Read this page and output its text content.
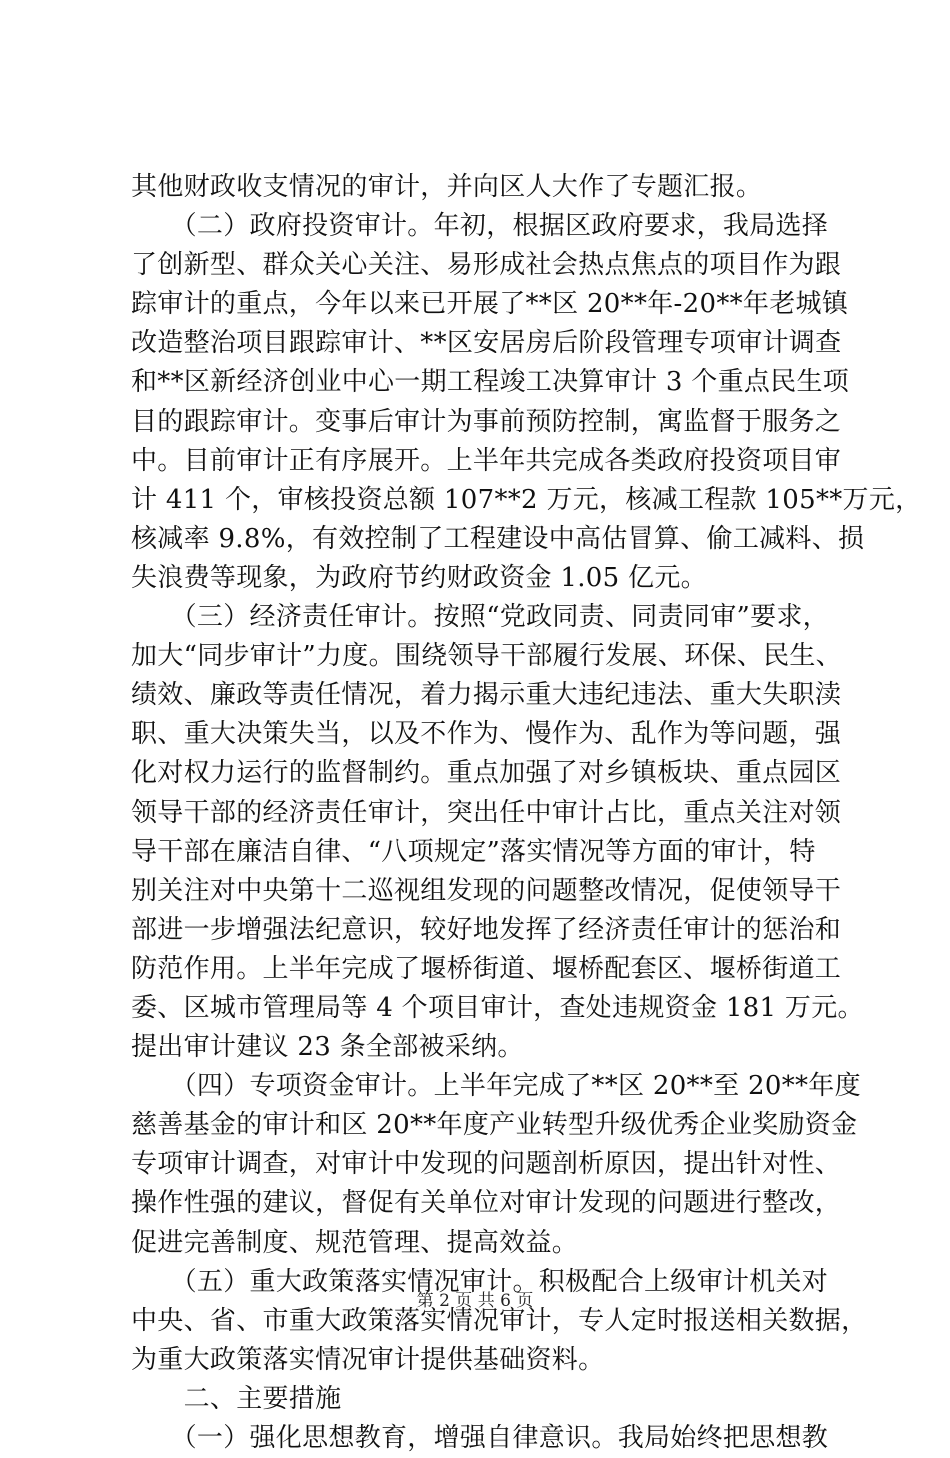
其他财政收支情况的审计，并向区人大作了专题汇报。
　　（二）政府投资审计。年初，根据区政府要求，我局选择
了创新型、群众关心关注、易形成社会热点焦点的项目作为跟
踪审计的重点，今年以来已开展了**区 20**年-20**年老城镇
改造整治项目跟踪审计、**区安居房后阶段管理专项审计调查
和**区新经济创业中心一期工程竣工决算审计 3 个重点民生项
目的跟踪审计。变事后审计为事前预防控制，寓监督于服务之
中。目前审计正有序展开。上半年共完成各类政府投资项目审
计 411 个，审核投资总额 107**2 万元，核减工程款 105**万元，
核减率 9.8%，有效控制了工程建设中高估冒算、偷工减料、损
失浪费等现象，为政府节约财政资金 1.05 亿元。
　　（三）经济责任审计。按照“党政同责、同责同审”要求，
加大“同步审计”力度。围绕领导干部履行发展、环保、民生、
绩效、廉政等责任情况，着力揭示重大违纪违法、重大失职渎
职、重大决策失当，以及不作为、慢作为、乱作为等问题，强
化对权力运行的监督制约。重点加强了对乡镇板块、重点园区
领导干部的经济责任审计，突出任中审计占比，重点关注对领
导干部在廉洁自律、“八项规定”落实情况等方面的审计，特
别关注对中央第十二巡视组发现的问题整改情况，促使领导干
部进一步增强法纪意识，较好地发挥了经济责任审计的惩治和
防范作用。上半年完成了堰桥街道、堰桥配套区、堰桥街道工
委、区城市管理局等 4 个项目审计，查处违规资金 181 万元。
提出审计建议 23 条全部被采纳。
　　（四）专项资金审计。上半年完成了**区 20**至 20**年度
慈善基金的审计和区 20**年度产业转型升级优秀企业奖励资金
专项审计调查，对审计中发现的问题剖析原因，提出针对性、
操作性强的建议，督促有关单位对审计发现的问题进行整改，
促进完善制度、规范管理、提高效益。
　　（五）重大政策落实情况审计。积极配合上级审计机关对
中央、省、市重大政策落实情况审计，专人定时报送相关数据，
为重大政策落实情况审计提供基础资料。
　　二、主要措施
　　（一）强化思想教育，增强自律意识。我局始终把思想教
第 2 页 共 6 页
